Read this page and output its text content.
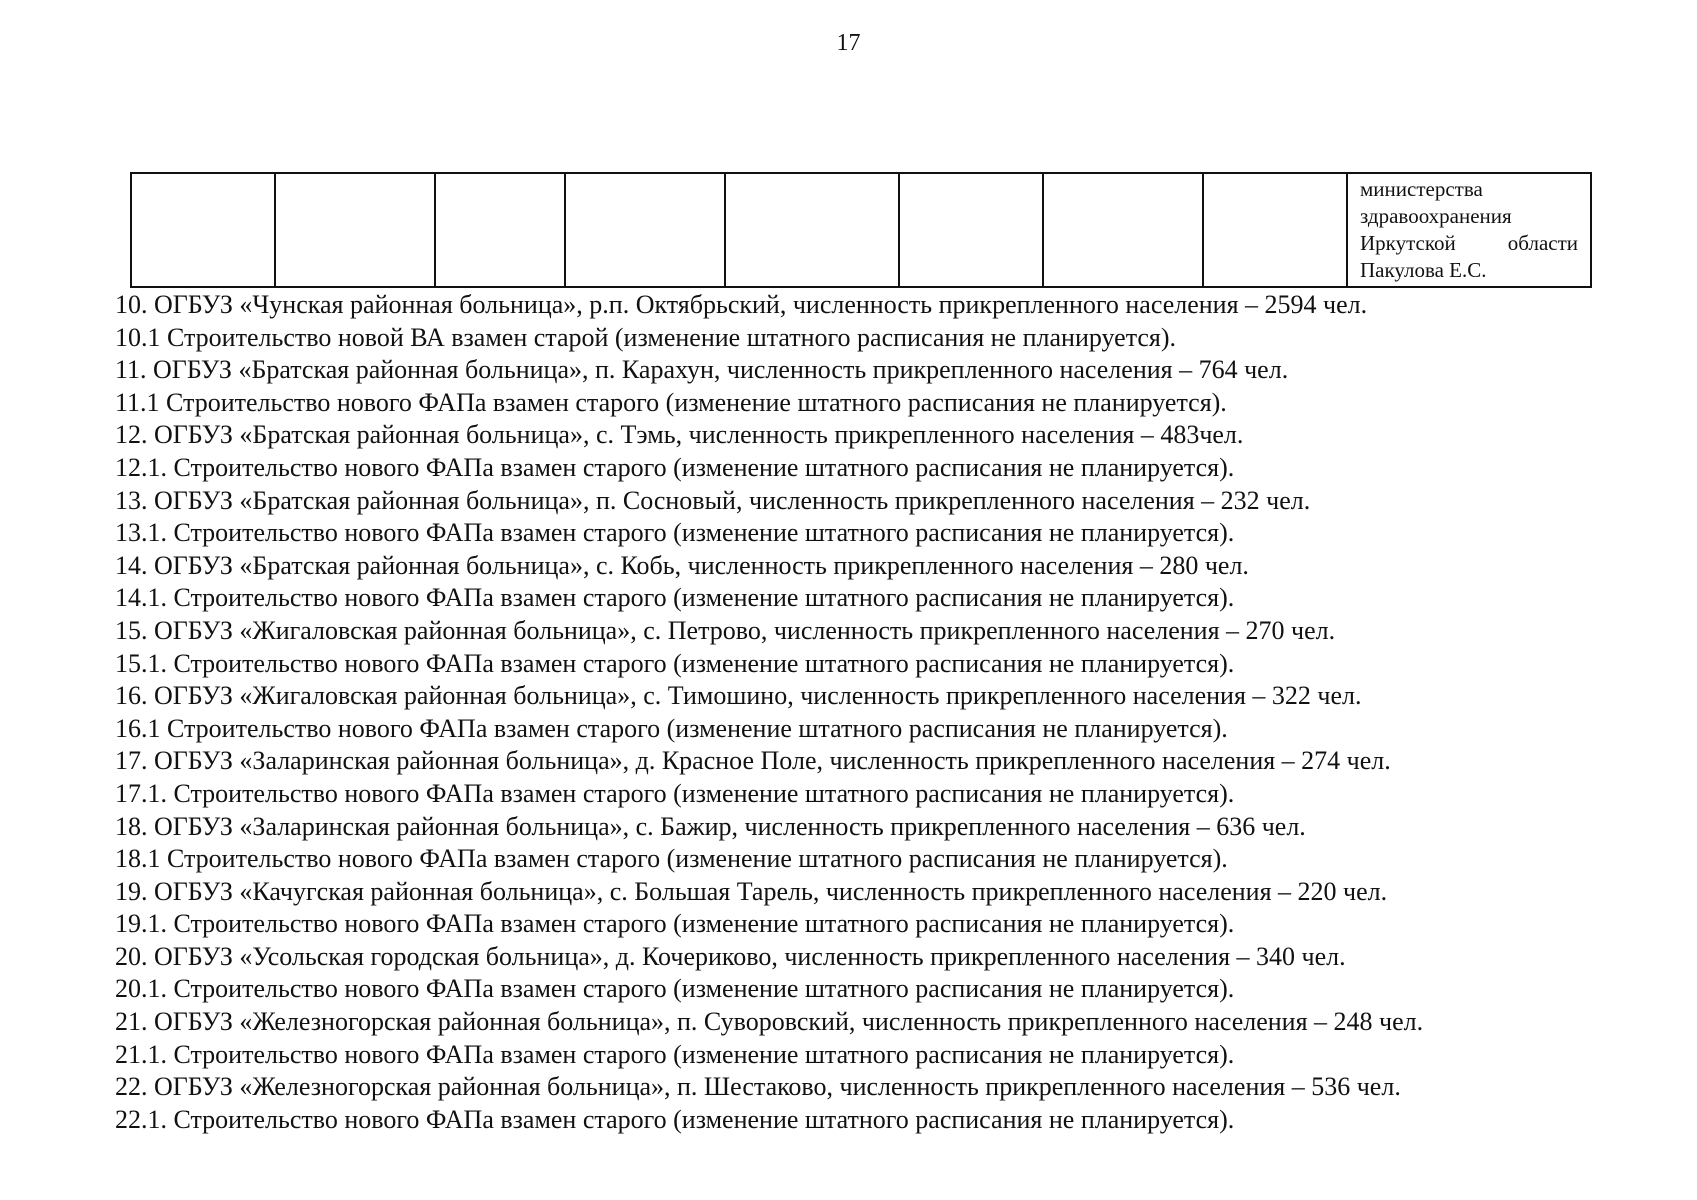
17

министерства
здравоохранения
Иркутской области
Пакулова Е.С.
10. ОГБУЗ «Чунская районная больница», р.п. Октябрьский, численность прикрепленного населения – 2594 чел.
10.1 Строительство новой ВА взамен старой (изменение штатного расписания не планируется).
11. ОГБУЗ «Братская районная больница», п. Карахун, численность прикрепленного населения – 764 чел.
11.1 Строительство нового ФАПа взамен старого (изменение штатного расписания не планируется).
12. ОГБУЗ «Братская районная больница», с. Тэмь, численность прикрепленного населения – 483чел.
12.1. Строительство нового ФАПа взамен старого (изменение штатного расписания не планируется).
13. ОГБУЗ «Братская районная больница», п. Сосновый, численность прикрепленного населения – 232 чел.
13.1. Строительство нового ФАПа взамен старого (изменение штатного расписания не планируется).
14. ОГБУЗ «Братская районная больница», с. Кобь, численность прикрепленного населения – 280 чел.
14.1. Строительство нового ФАПа взамен старого (изменение штатного расписания не планируется).
15. ОГБУЗ «Жигаловская районная больница», с. Петрово, численность прикрепленного населения – 270 чел.
15.1. Строительство нового ФАПа взамен старого (изменение штатного расписания не планируется).
16. ОГБУЗ «Жигаловская районная больница», с. Тимошино, численность прикрепленного населения – 322 чел.
16.1 Строительство нового ФАПа взамен старого (изменение штатного расписания не планируется).
17. ОГБУЗ «Заларинская районная больница», д. Красное Поле, численность прикрепленного населения – 274 чел.
17.1. Строительство нового ФАПа взамен старого (изменение штатного расписания не планируется).
18. ОГБУЗ «Заларинская районная больница», с. Бажир, численность прикрепленного населения – 636 чел.
18.1 Строительство нового ФАПа взамен старого (изменение штатного расписания не планируется).
19. ОГБУЗ «Качугская районная больница», с. Большая Тарель, численность прикрепленного населения – 220 чел.
19.1. Строительство нового ФАПа взамен старого (изменение штатного расписания не планируется).
20. ОГБУЗ «Усольская городская больница», д. Кочериково, численность прикрепленного населения – 340 чел.
20.1. Строительство нового ФАПа взамен старого (изменение штатного расписания не планируется).
21. ОГБУЗ «Железногорская районная больница», п. Суворовский, численность прикрепленного населения – 248 чел.
21.1. Строительство нового ФАПа взамен старого (изменение штатного расписания не планируется).
22. ОГБУЗ «Железногорская районная больница», п. Шестаково, численность прикрепленного населения – 536 чел.
22.1. Строительство нового ФАПа взамен старого (изменение штатного расписания не планируется).
